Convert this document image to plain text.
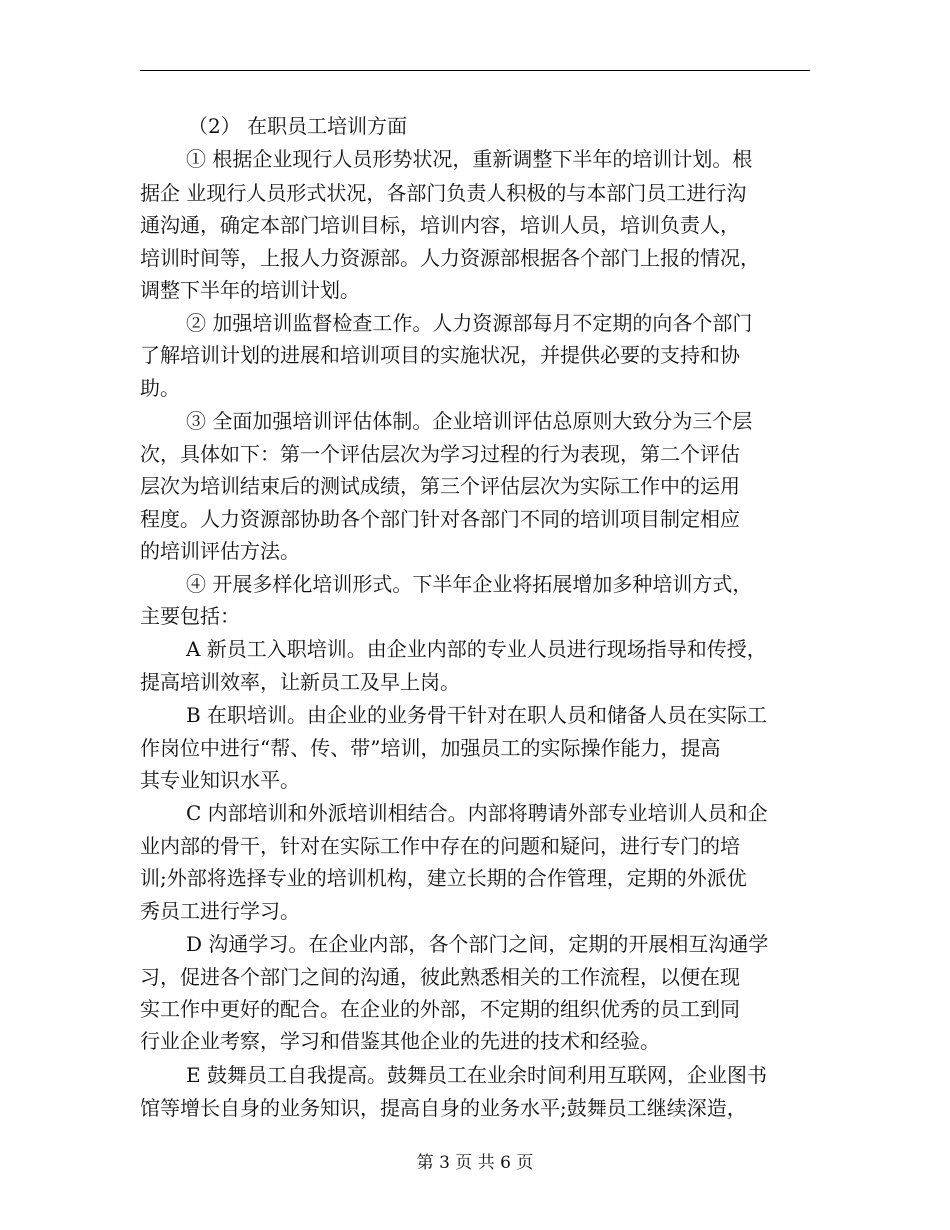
（2） 在职员工培训方面
① 根据企业现行人员形势状况，重新调整下半年的培训计划。根
据企 业现行人员形式状况，各部门负责人积极的与本部门员工进行沟
通沟通，确定本部门培训目标，培训内容，培训人员，培训负责人，
培训时间等，上报人力资源部。人力资源部根据各个部门上报的情况，
调整下半年的培训计划。
② 加强培训监督检查工作。人力资源部每月不定期的向各个部门
了解培训计划的进展和培训项目的实施状况，并提供必要的支持和协
助。
③ 全面加强培训评估体制。企业培训评估总原则大致分为三个层
次，具体如下：第一个评估层次为学习过程的行为表现，第二个评估
层次为培训结束后的测试成绩，第三个评估层次为实际工作中的运用
程度。人力资源部协助各个部门针对各部门不同的培训项目制定相应
的培训评估方法。
④ 开展多样化培训形式。下半年企业将拓展增加多种培训方式，
主要包括：
A 新员工入职培训。由企业内部的专业人员进行现场指导和传授，
提高培训效率，让新员工及早上岗。
B 在职培训。由企业的业务骨干针对在职人员和储备人员在实际工
作岗位中进行“帮、传、带”培训，加强员工的实际操作能力，提高
其专业知识水平。
C 内部培训和外派培训相结合。内部将聘请外部专业培训人员和企
业内部的骨干，针对在实际工作中存在的问题和疑问，进行专门的培
训;外部将选择专业的培训机构，建立长期的合作管理，定期的外派优
秀员工进行学习。
D 沟通学习。在企业内部，各个部门之间，定期的开展相互沟通学
习，促进各个部门之间的沟通，彼此熟悉相关的工作流程，以便在现
实工作中更好的配合。在企业的外部，不定期的组织优秀的员工到同
行业企业考察，学习和借鉴其他企业的先进的技术和经验。
E 鼓舞员工自我提高。鼓舞员工在业余时间利用互联网，企业图书
馆等增长自身的业务知识，提高自身的业务水平;鼓舞员工继续深造，
第 3 页 共 6 页
